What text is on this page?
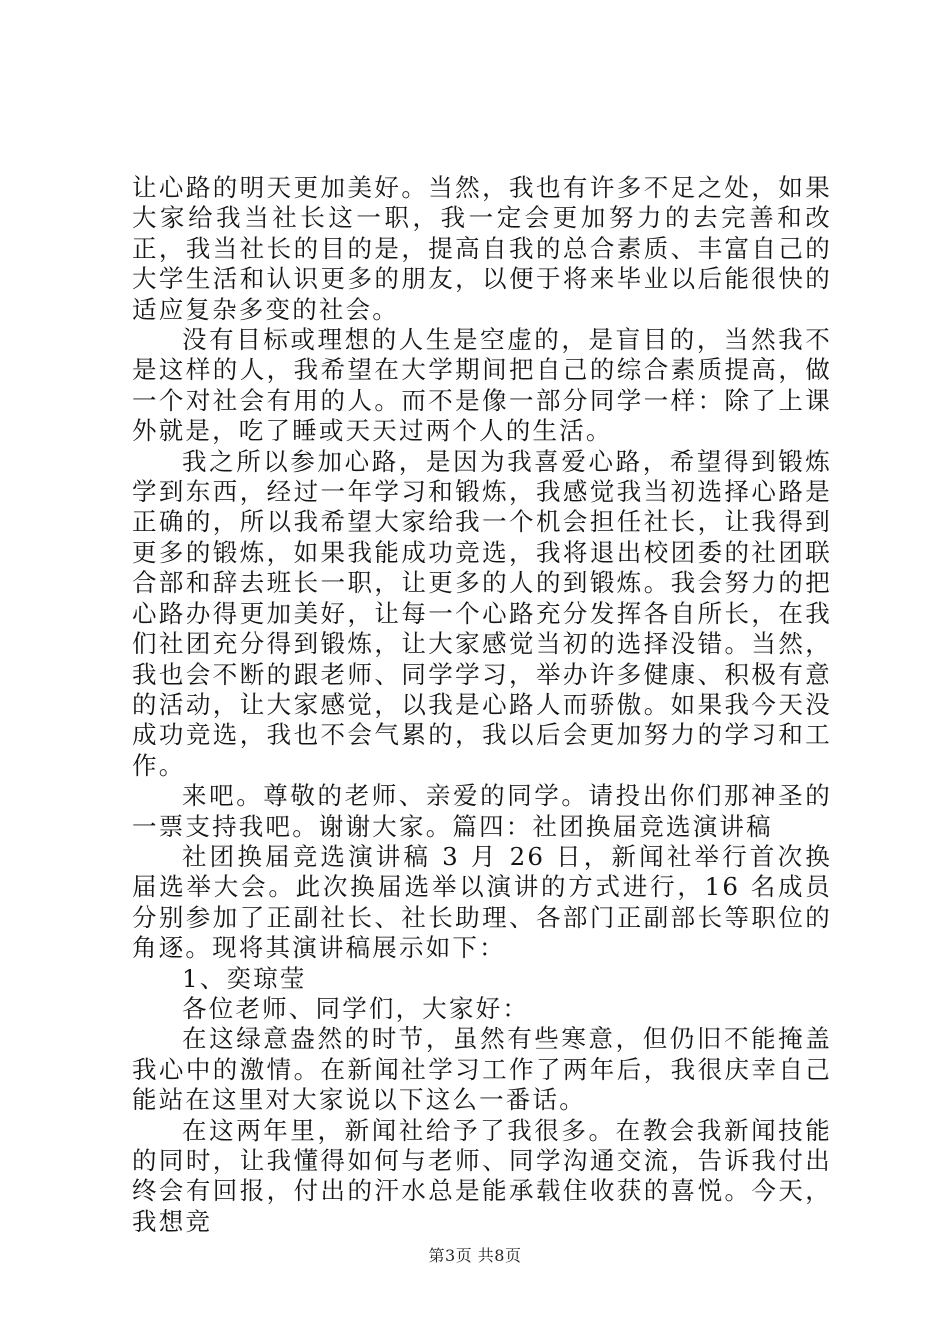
让心路的明天更加美好。当然，我也有许多不足之处，如果大家给我当社长这一职，我一定会更加努力的去完善和改正，我当社长的目的是，提高自我的总合素质、丰富自己的大学生活和认识更多的朋友，以便于将来毕业以后能很快的适应复杂多变的社会。

没有目标或理想的人生是空虚的，是盲目的，当然我不是这样的人，我希望在大学期间把自己的综合素质提高，做一个对社会有用的人。而不是像一部分同学一样：除了上课外就是，吃了睡或天天过两个人的生活。

我之所以参加心路，是因为我喜爱心路，希望得到锻炼学到东西，经过一年学习和锻炼，我感觉我当初选择心路是正确的，所以我希望大家给我一个机会担任社长，让我得到更多的锻炼，如果我能成功竞选，我将退出校团委的社团联合部和辞去班长一职，让更多的人的到锻炼。我会努力的把心路办得更加美好，让每一个心路充分发挥各自所长，在我们社团充分得到锻炼，让大家感觉当初的选择没错。当然，我也会不断的跟老师、同学学习，举办许多健康、积极有意的活动，让大家感觉，以我是心路人而骄傲。如果我今天没成功竞选，我也不会气累的，我以后会更加努力的学习和工作。

来吧。尊敬的老师、亲爱的同学。请投出你们那神圣的一票支持我吧。谢谢大家。篇四：社团换届竞选演讲稿

社团换届竞选演讲稿 3 月 26 日，新闻社举行首次换届选举大会。此次换届选举以演讲的方式进行，16 名成员分别参加了正副社长、社长助理、各部门正副部长等职位的角逐。现将其演讲稿展示如下：

1、奕琼莹

各位老师、同学们，大家好：

在这绿意盎然的时节，虽然有些寒意，但仍旧不能掩盖我心中的激情。在新闻社学习工作了两年后，我很庆幸自己能站在这里对大家说以下这么一番话。

在这两年里，新闻社给予了我很多。在教会我新闻技能的同时，让我懂得如何与老师、同学沟通交流，告诉我付出终会有回报，付出的汗水总是能承载住收获的喜悦。今天，我想竞

第3页 共8页
